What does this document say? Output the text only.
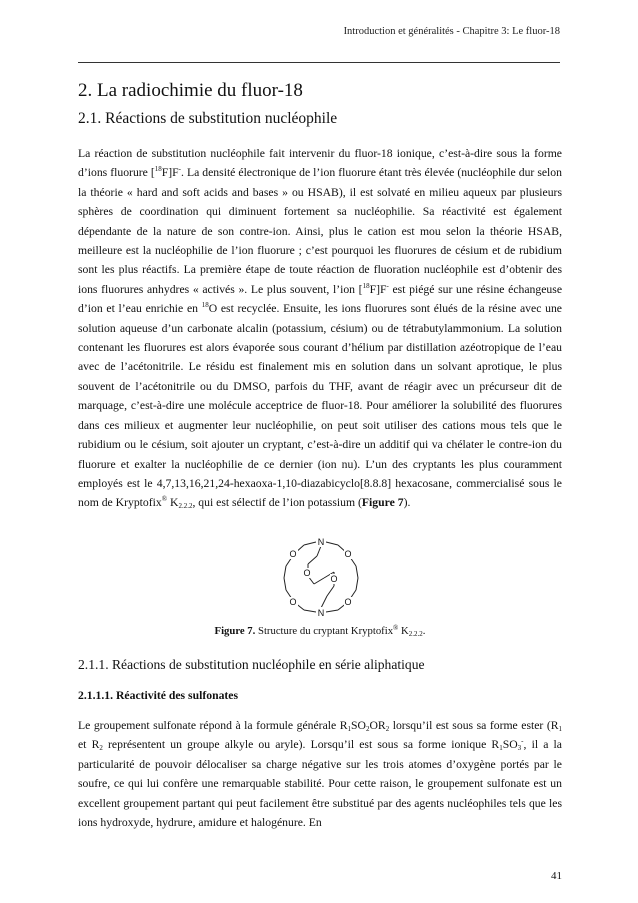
Introduction et généralités - Chapitre 3: Le fluor-18
2. La radiochimie du fluor-18
2.1. Réactions de substitution nucléophile

La réaction de substitution nucléophile fait intervenir du fluor-18 ionique, c’est-à-dire sous la forme d’ions fluorure [$^{18}$F]F-. La densité électronique de l’ion fluorure étant très élevée (nucléophile dur selon la théorie « hard and soft acids and bases » ou HSAB), il est solvaté en milieu aqueux par plusieurs sphères de coordination qui diminuent fortement sa nucléophilie. Sa réactivité est également dépendante de la nature de son contre-ion. Ainsi, plus le cation est mou selon la théorie HSAB, meilleure est la nucléophilie de l’ion fluorure ; c’est pourquoi les fluorures de césium et de rubidium sont les plus réactifs. La première étape de toute réaction de fluoration nucléophile est d’obtenir des ions fluorures anhydres « activés ». Le plus souvent, l’ion [$^{18}$F]F- est piégé sur une résine échangeuse d’ion et l’eau enrichie en $^{18}$O est recyclée. Ensuite, les ions fluorures sont élués de la résine avec une solution aqueuse d’un carbonate alcalin (potassium, césium) ou de tétrabutylammonium. La solution contenant les fluorures est alors évaporée sous courant d’hélium par distillation azéotropique de l’eau avec de l’acétonitrile. Le résidu est finalement mis en solution dans un solvant aprotique, le plus souvent de l’acétonitrile ou du DMSO, parfois du THF, avant de réagir avec un précurseur dit de marquage, c’est-à-dire une molécule acceptrice de fluor-18. Pour améliorer la solubilité des fluorures dans ces milieux et augmenter leur nucléophilie, on peut soit utiliser des cations mous tels que le rubidium ou le césium, soit ajouter un cryptant, c’est-à-dire un additif qui va chélater le contre-ion du fluorure et exalter la nucléophilie de ce dernier (ion nu). L’un des cryptants les plus couramment employés est le 4,7,13,16,21,24-hexaoxa-1,10-diazabicyclo[8.8.8] hexacosane, commercialisé sous le nom de Kryptofix® $K_{2.2.2}$, qui est sélectif de l’ion potassium (Figure 7).

N
N
O
O
O
O
O
O
Figure 7. Structure du cryptant Kryptofix® $K_{2.2.2}$.
2.1.1. Réactions de substitution nucléophile en série aliphatique
2.1.1.1. Réactivité des sulfonates

Le groupement sulfonate répond à la formule générale $R_1SO_2OR_2$ lorsqu’il est sous sa forme ester ($R_1$ et $R_2$ représentent un groupe alkyle ou aryle). Lorsqu’il est sous sa forme ionique $R_1SO_3^-$, il a la particularité de pouvoir délocaliser sa charge négative sur les trois atomes d’oxygène portés par le soufre, ce qui lui confère une remarquable stabilité. Pour cette raison, le groupement sulfonate est un excellent groupement partant qui peut facilement être substitué par des agents nucléophiles tels que les ions hydroxyde, hydrure, amidure et halogénure. En

41
